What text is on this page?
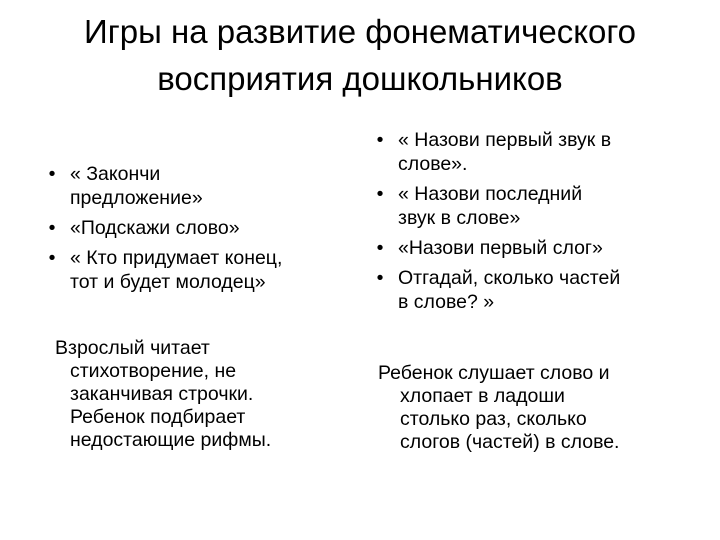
Игры на развитие фонематического
восприятия дошкольников
• « Закончи
предложение»
• «Подскажи слово»
• « Кто придумает конец,
тот и будет молодец»
Взрослый читает
стихотворение, не
заканчивая строчки.
Ребенок подбирает
недостающие рифмы.
• « Назови первый звук в
слове».
• « Назови последний
звук в слове»
• «Назови первый слог»
• Отгадай, сколько частей
в слове? »
Ребенок слушает слово и
хлопает в ладоши
столько раз, сколько
слогов (частей) в слове.
